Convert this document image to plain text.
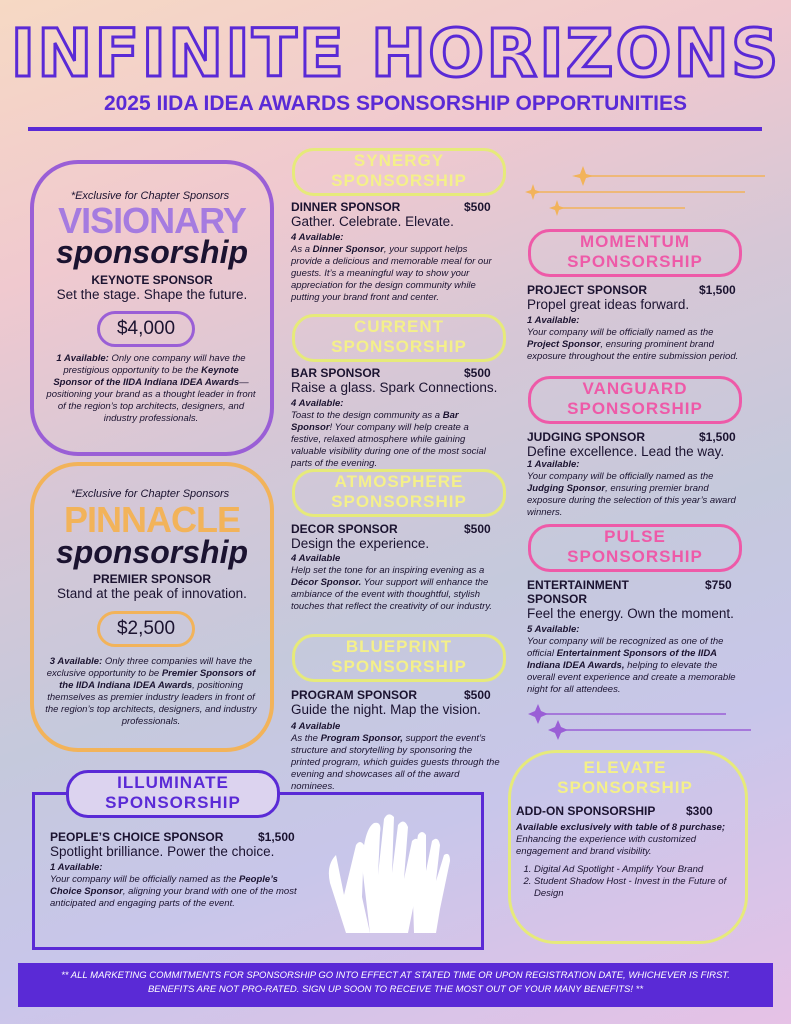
INFINITE HORIZONS
2025 IIDA IDEA AWARDS SPONSORSHIP OPPORTUNITIES
*Exclusive for Chapter Sponsors
VISIONARY
sponsorship
KEYNOTE SPONSOR
Set the stage. Shape the future.
$4,000
1 Available: Only one company will have the prestigious opportunity to be the Keynote Sponsor of the IIDA Indiana IDEA Awards—positioning your brand as a thought leader in front of the region’s top architects, designers, and industry professionals.
*Exclusive for Chapter Sponsors
PINNACLE
sponsorship
PREMIER SPONSOR
Stand at the peak of innovation.
$2,500
3 Available: Only three companies will have the exclusive opportunity to be Premier Sponsors of the IIDA Indiana IDEA Awards, positioning themselves as premier industry leaders in front of the region’s top architects, designers, and industry professionals.
SYNERGY
SPONSORSHIP
DINNER SPONSOR	$500
Gather. Celebrate. Elevate.
4 Available:
As a Dinner Sponsor, your support helps provide a delicious and memorable meal for our guests. It’s a meaningful way to show your appreciation for the design community while putting your brand front and center.
CURRENT
SPONSORSHIP
BAR SPONSOR	$500
Raise a glass. Spark Connections.
4 Available:
Toast to the design community as a Bar Sponsor! Your company will help create a festive, relaxed atmosphere while gaining valuable visibility during one of the most social parts of the evening.
ATMOSPHERE
SPONSORSHIP
DECOR SPONSOR	$500
Design the experience.
4 Available
Help set the tone for an inspiring evening as a Décor Sponsor. Your support will enhance the ambiance of the event with thoughtful, stylish touches that reflect the creativity of our industry.
BLUEPRINT
SPONSORSHIP
PROGRAM SPONSOR	$500
Guide the night. Map the vision.
4 Available
As the Program Sponsor, support the event’s structure and storytelling by sponsoring the printed program, which guides guests through the evening and showcases all of the award nominees.
MOMENTUM
SPONSORSHIP
PROJECT SPONSOR	$1,500
Propel great ideas forward.
1 Available:
Your company will be officially named as the Project Sponsor, ensuring prominent brand exposure throughout the entire submission period.
VANGUARD
SPONSORSHIP
JUDGING SPONSOR	$1,500
Define excellence. Lead the way.
1 Available:
Your company will be officially named as the Judging Sponsor, ensuring premier brand exposure during the selection of this year’s award winners.
PULSE
SPONSORSHIP
ENTERTAINMENT
SPONSOR
$750
Feel the energy. Own the moment.
5 Available:
Your company will be recognized as one of the official Entertainment Sponsors of the IIDA Indiana IDEA Awards, helping to elevate the overall event experience and create a memorable night for all attendees.
ILLUMINATE
SPONSORSHIP
PEOPLE’S CHOICE SPONSOR	$1,500
Spotlight brilliance. Power the choice.
1 Available:
Your company will be officially named as the People’s Choice Sponsor, aligning your brand with one of the most anticipated and engaging parts of the event.
ELEVATE
SPONSORSHIP
ADD-ON SPONSORSHIP	$300
Available exclusively with table of 8 purchase; Enhancing the experience with customized engagement and brand visibility.
1. Digital Ad Spotlight - Amplify Your Brand
2. Student Shadow Host - Invest in the Future of Design
** ALL MARKETING COMMITMENTS FOR SPONSORSHIP GO INTO EFFECT AT STATED TIME OR UPON REGISTRATION DATE, WHICHEVER IS FIRST.
BENEFITS ARE NOT PRO-RATED. SIGN UP SOON TO RECEIVE THE MOST OUT OF YOUR MANY BENEFITS! **
